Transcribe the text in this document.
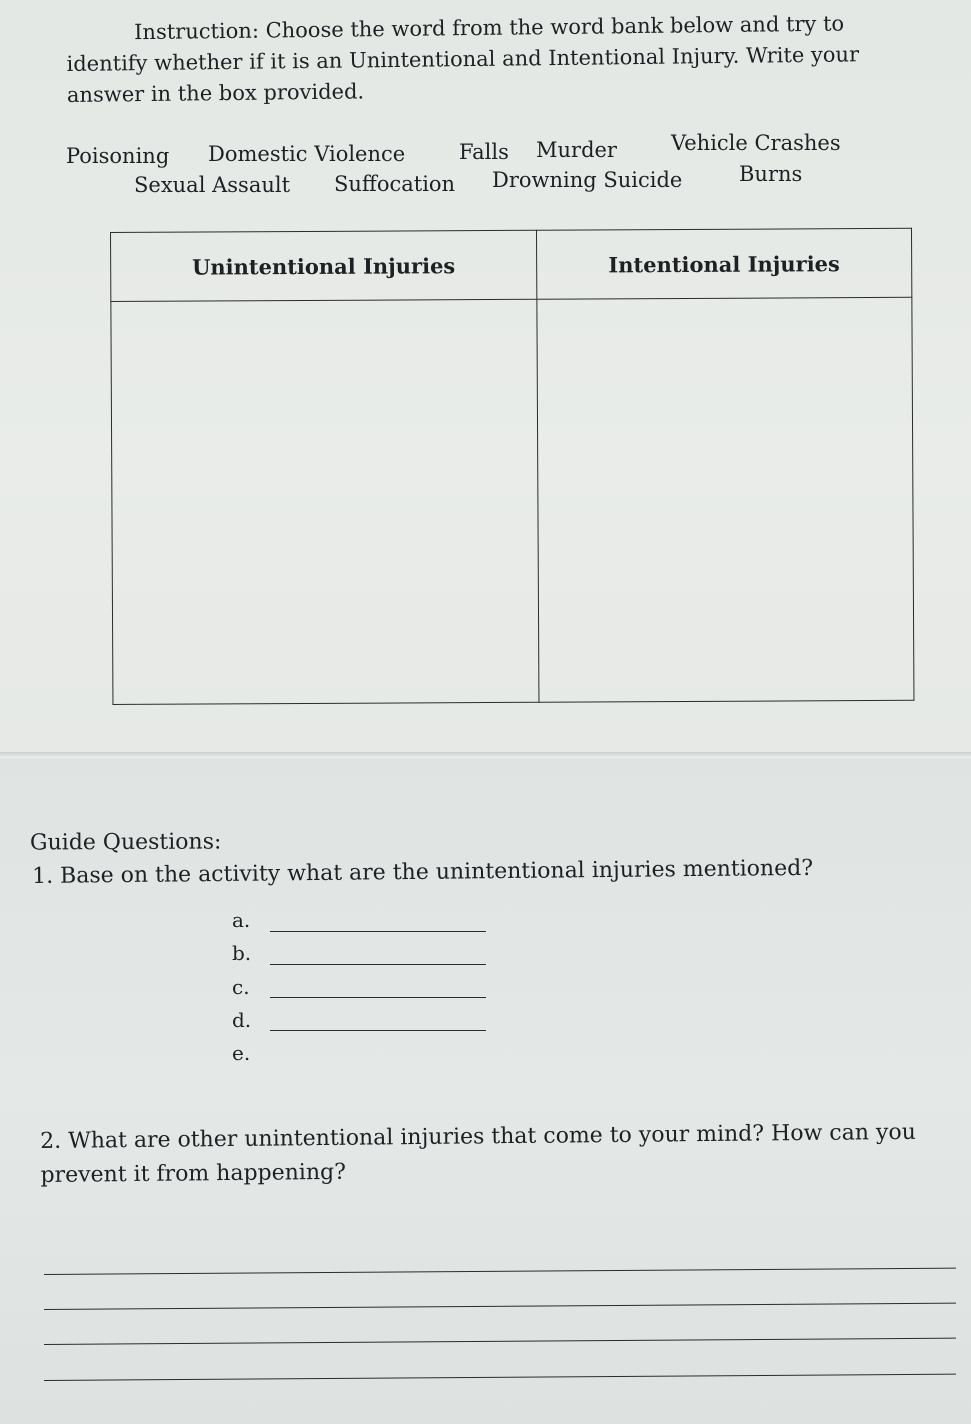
Instruction: Choose the word from the word bank below and try to identify whether if it is an Unintentional and Intentional Injury. Write your answer in the box provided.
Poisoning Domestic Violence	Falls Murder	Vehicle Crashes
Sexual Assault Suffocation Drowning Suicide	Burns
Unintentional Injuries	Intentional Injuries

Guide Questions:
1. Base on the activity what are the unintentional injuries mentioned?
a.
b.
c.
d.
e.
2. What are other unintentional injuries that come to your mind? How can you prevent it from happening?
